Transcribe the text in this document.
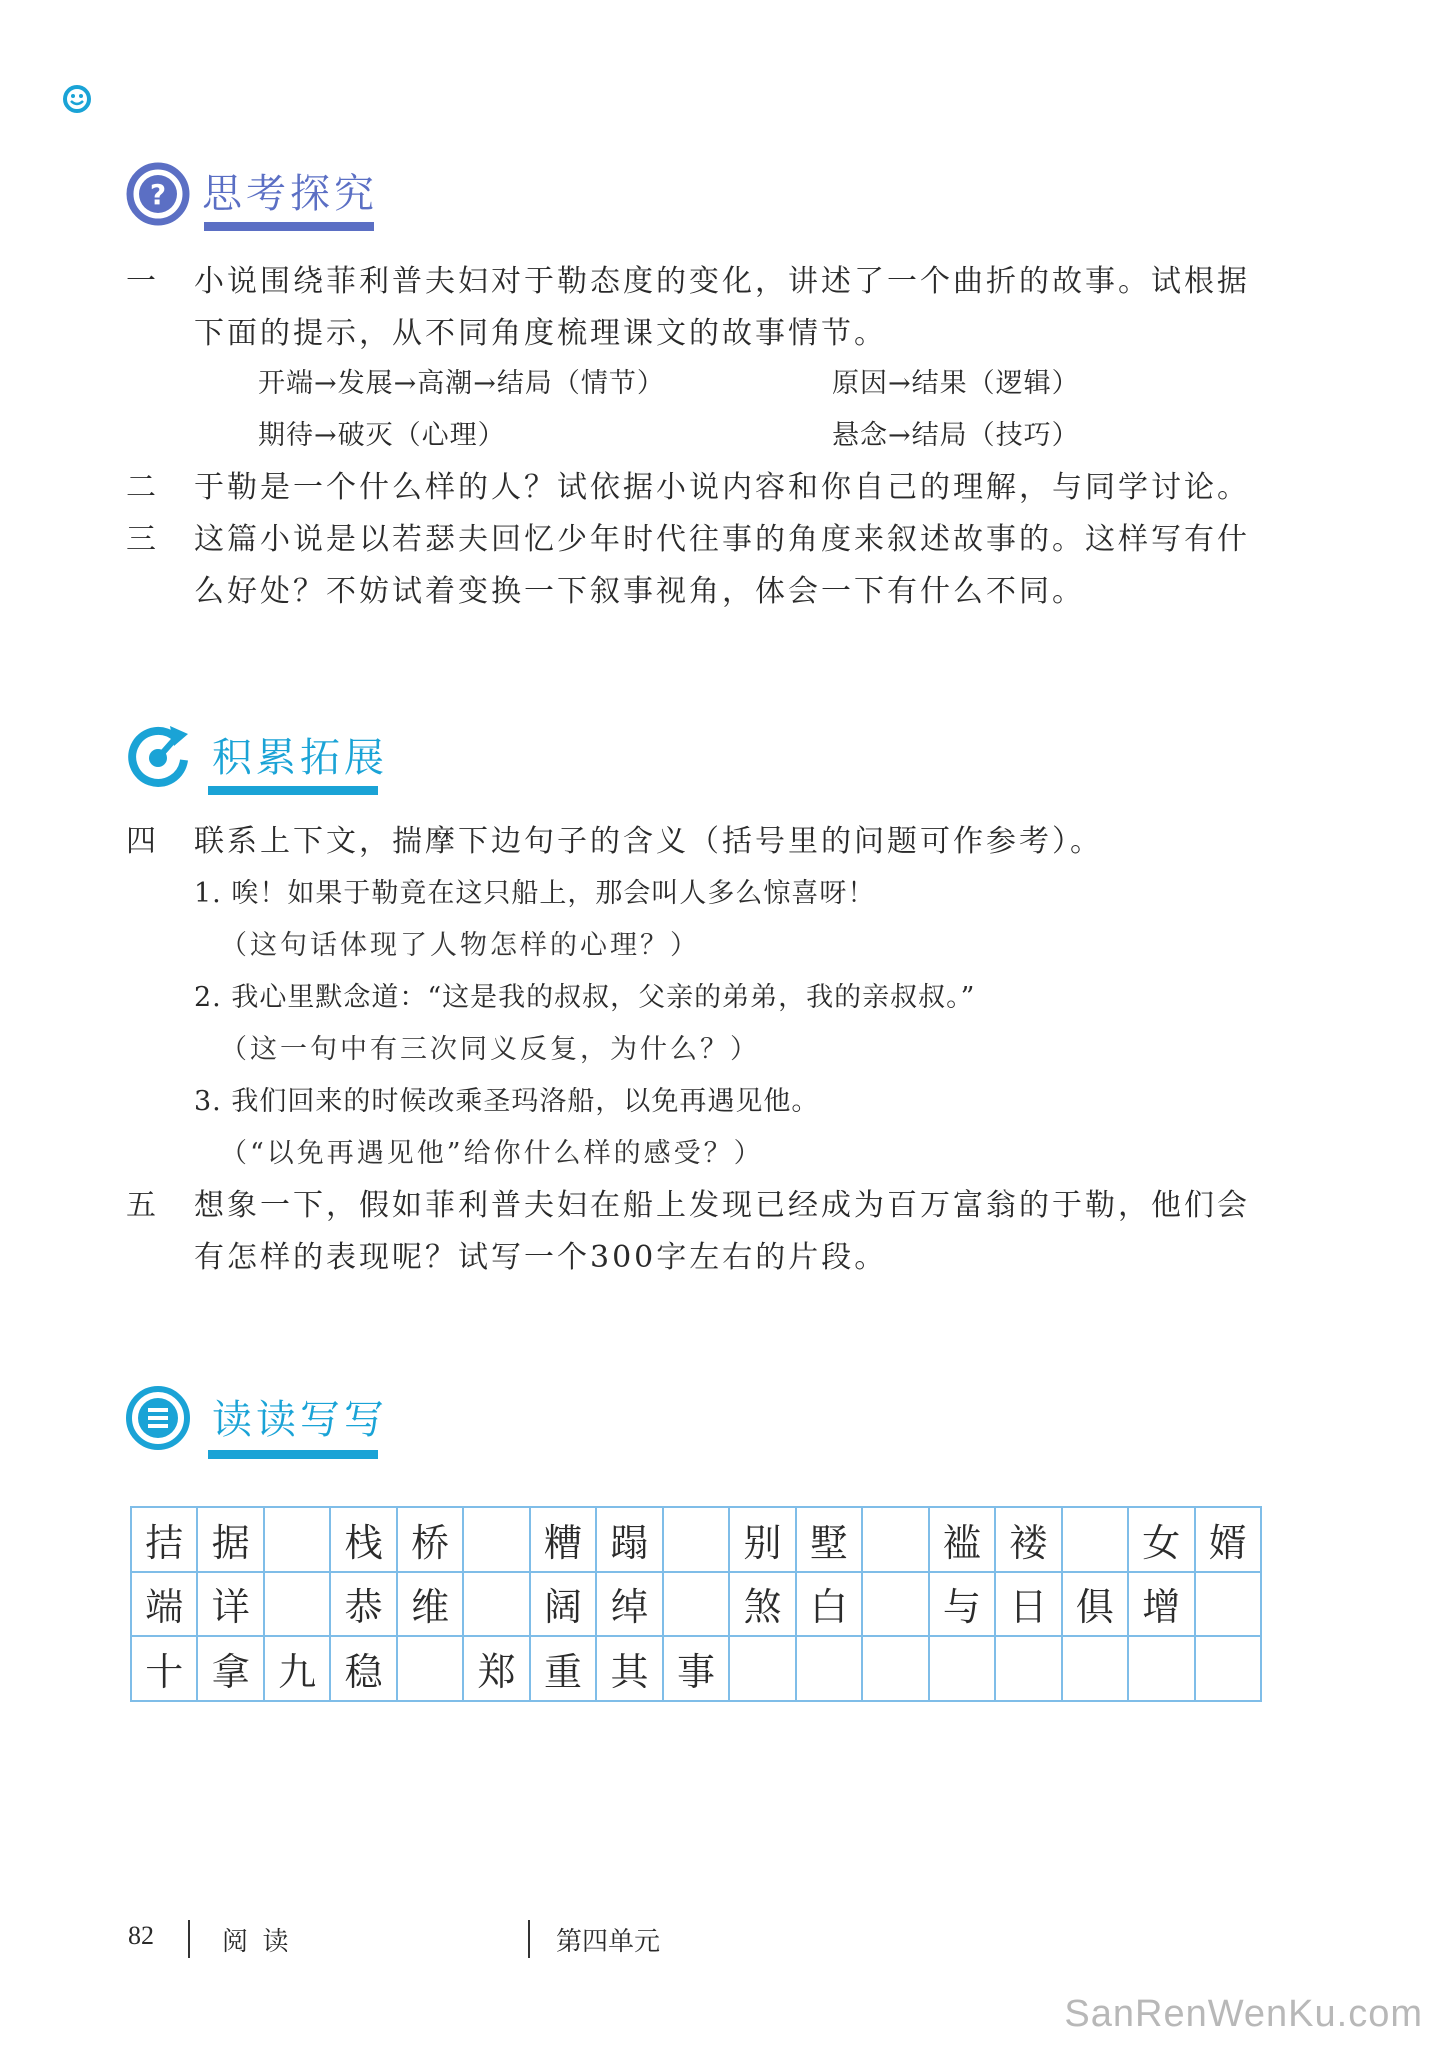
? 思考探究
一 小说围绕菲利普夫妇对于勒态度的变化，讲述了一个曲折的故事。试根据
下面的提示，从不同角度梳理课文的故事情节。
开端→发展→高潮→结局（情节）	原因→结果（逻辑）
期待→破灭（心理）	悬念→结局（技巧）
二 于勒是一个什么样的人？试依据小说内容和你自己的理解，与同学讨论。
三 这篇小说是以若瑟夫回忆少年时代往事的角度来叙述故事的。这样写有什
么好处？不妨试着变换一下叙事视角，体会一下有什么不同。
积累拓展
四 联系上下文，揣摩下边句子的含义（括号里的问题可作参考）。
1. 唉！如果于勒竟在这只船上，那会叫人多么惊喜呀！
（这句话体现了人物怎样的心理？）
2. 我心里默念道：“这是我的叔叔，父亲的弟弟，我的亲叔叔。”
（这一句中有三次同义反复，为什么？）
3. 我们回来的时候改乘圣玛洛船，以免再遇见他。
（“以免再遇见他”给你什么样的感受？）
五 想象一下，假如菲利普夫妇在船上发现已经成为百万富翁的于勒，他们会
有怎样的表现呢？试写一个300字左右的片段。
读读写写
拮	据		栈	桥		糟	蹋		别	墅		褴	褛		女	婿
端	详		恭	维		阔	绰		煞	白		与	日	俱	增	
十	拿	九	稳		郑	重	其	事								
82	阅 读	第四单元
SanRenWenKu.com
